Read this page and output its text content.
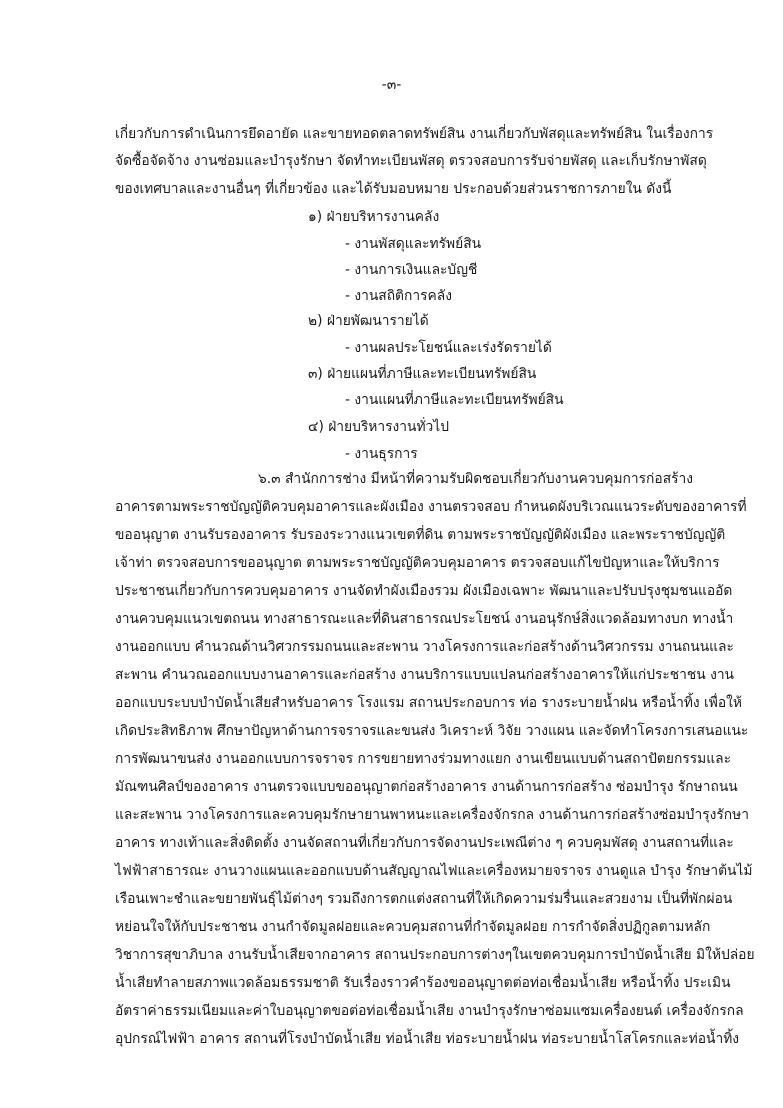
-๓-
เกี่ยวกับการดำเนินการยึดอายัด และขายทอดตลาดทรัพย์สิน งานเกี่ยวกับพัสดุและทรัพย์สิน ในเรื่องการ
จัดซื้อจัดจ้าง งานซ่อมและบำรุงรักษา จัดทำทะเบียนพัสดุ ตรวจสอบการรับจ่ายพัสดุ และเก็บรักษาพัสดุ
ของเทศบาลและงานอื่นๆ ที่เกี่ยวข้อง และได้รับมอบหมาย ประกอบด้วยส่วนราชการภายใน ดังนี้
๑) ฝ่ายบริหารงานคลัง
- งานพัสดุและทรัพย์สิน
- งานการเงินและบัญชี
- งานสถิติการคลัง
๒) ฝ่ายพัฒนารายได้
- งานผลประโยชน์และเร่งรัดรายได้
๓) ฝ่ายแผนที่ภาษีและทะเบียนทรัพย์สิน
- งานแผนที่ภาษีและทะเบียนทรัพย์สิน
๔) ฝ่ายบริหารงานทั่วไป
- งานธุรการ
๖.๓ สำนักการช่าง มีหน้าที่ความรับผิดชอบเกี่ยวกับงานควบคุมการก่อสร้าง
อาคารตามพระราชบัญญัติควบคุมอาคารและผังเมือง งานตรวจสอบ กำหนดผังบริเวณแนวระดับของอาคารที่
ขออนุญาต งานรับรองอาคาร รับรองระวางแนวเขตที่ดิน ตามพระราชบัญญัติผังเมือง และพระราชบัญญัติ
เจ้าท่า ตรวจสอบการขออนุญาต ตามพระราชบัญญัติควบคุมอาคาร ตรวจสอบแก้ไขปัญหาและให้บริการ
ประชาชนเกี่ยวกับการควบคุมอาคาร งานจัดทำผังเมืองรวม ผังเมืองเฉพาะ พัฒนาและปรับปรุงชุมชนแออัด
งานควบคุมแนวเขตถนน ทางสาธารณะและที่ดินสาธารณประโยชน์ งานอนุรักษ์สิ่งแวดล้อมทางบก ทางน้ำ
งานออกแบบ คำนวณด้านวิศวกรรมถนนและสะพาน วางโครงการและก่อสร้างด้านวิศวกรรม งานถนนและ
สะพาน คำนวณออกแบบงานอาคารและก่อสร้าง งานบริการแบบแปลนก่อสร้างอาคารให้แก่ประชาชน งาน
ออกแบบระบบบำบัดน้ำเสียสำหรับอาคาร โรงแรม สถานประกอบการ ท่อ รางระบายน้ำฝน หรือน้ำทิ้ง เพื่อให้
เกิดประสิทธิภาพ ศึกษาปัญหาด้านการจราจรและขนส่ง วิเคราะห์ วิจัย วางแผน และจัดทำโครงการเสนอแนะ
การพัฒนาขนส่ง งานออกแบบการจราจร การขยายทางร่วมทางแยก งานเขียนแบบด้านสถาปัตยกรรมและ
มัณฑนศิลป์ของอาคาร งานตรวจแบบขออนุญาตก่อสร้างอาคาร งานด้านการก่อสร้าง ซ่อมบำรุง รักษาถนน
และสะพาน วางโครงการและควบคุมรักษายานพาหนะและเครื่องจักรกล งานด้านการก่อสร้างซ่อมบำรุงรักษา
อาคาร ทางเท้าและสิ่งติดตั้ง งานจัดสถานที่เกี่ยวกับการจัดงานประเพณีต่าง ๆ ควบคุมพัสดุ งานสถานที่และ
ไฟฟ้าสาธารณะ งานวางแผนและออกแบบด้านสัญญาณไฟและเครื่องหมายจราจร งานดูแล บำรุง รักษาต้นไม้
เรือนเพาะชำและขยายพันธุ์ไม้ต่างๆ รวมถึงการตกแต่งสถานที่ให้เกิดความร่มรื่นและสวยงาม เป็นที่พักผ่อน
หย่อนใจให้กับประชาชน งานกำจัดมูลฝอยและควบคุมสถานที่กำจัดมูลฝอย การกำจัดสิ่งปฏิกูลตามหลัก
วิชาการสุขาภิบาล งานรับน้ำเสียจากอาคาร สถานประกอบการต่างๆในเขตควบคุมการบำบัดน้ำเสีย มิให้ปล่อย
น้ำเสียทำลายสภาพแวดล้อมธรรมชาติ รับเรื่องราวคำร้องขออนุญาตต่อท่อเชื่อมน้ำเสีย หรือน้ำทิ้ง ประเมิน
อัตราค่าธรรมเนียมและค่าใบอนุญาตขอต่อท่อเชื่อมน้ำเสีย งานบำรุงรักษาซ่อมแซมเครื่องยนต์ เครื่องจักรกล
อุปกรณ์ไฟฟ้า อาคาร สถานที่โรงบำบัดน้ำเสีย ท่อน้ำเสีย ท่อระบายน้ำฝน ท่อระบายน้ำโสโครกและท่อน้ำทิ้ง
